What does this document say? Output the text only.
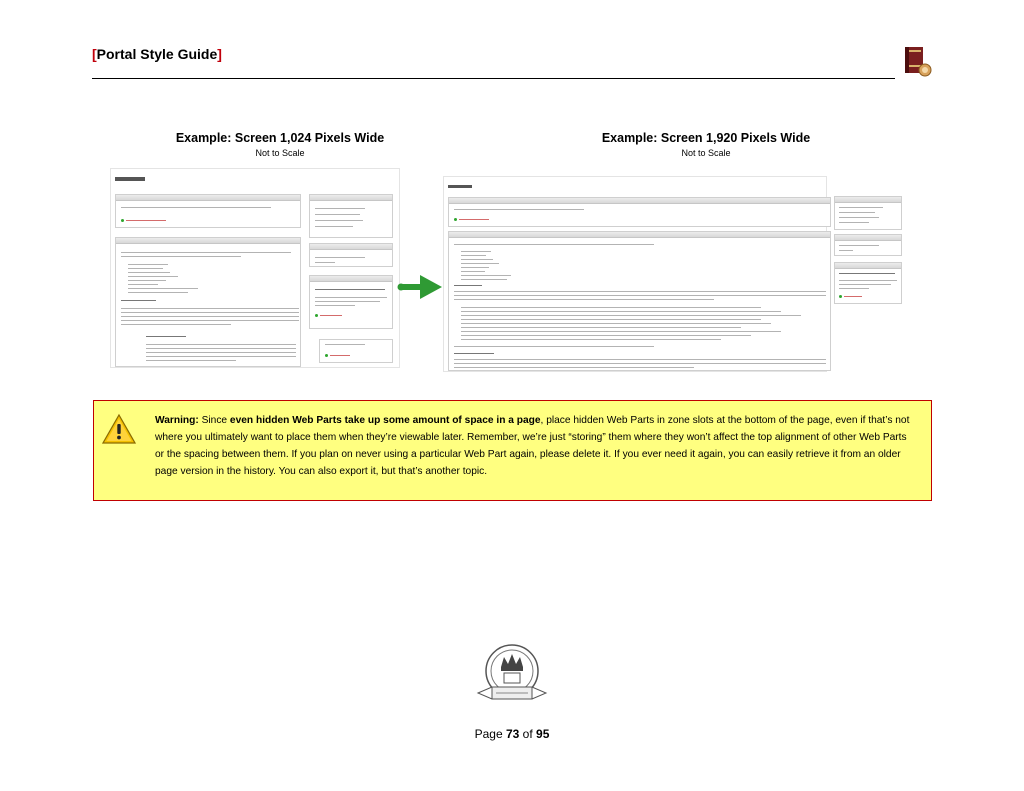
[Portal Style Guide]
Example: Screen 1,024 Pixels Wide
Not to Scale
Example: Screen 1,920 Pixels Wide
Not to Scale
Warning: Since even hidden Web Parts take up some amount of space in a page, place hidden Web Parts in zone slots at the bottom of the page, even if that’s not where you ultimately want to place them when they’re viewable later. Remember, we’re just “storing” them where they won’t affect the top alignment of other Web Parts or the spacing between them. If you plan on never using a particular Web Part again, please delete it. If you ever need it again, you can easily retrieve it from an older page version in the history. You can also export it, but that’s another topic.
Page 73 of 95
